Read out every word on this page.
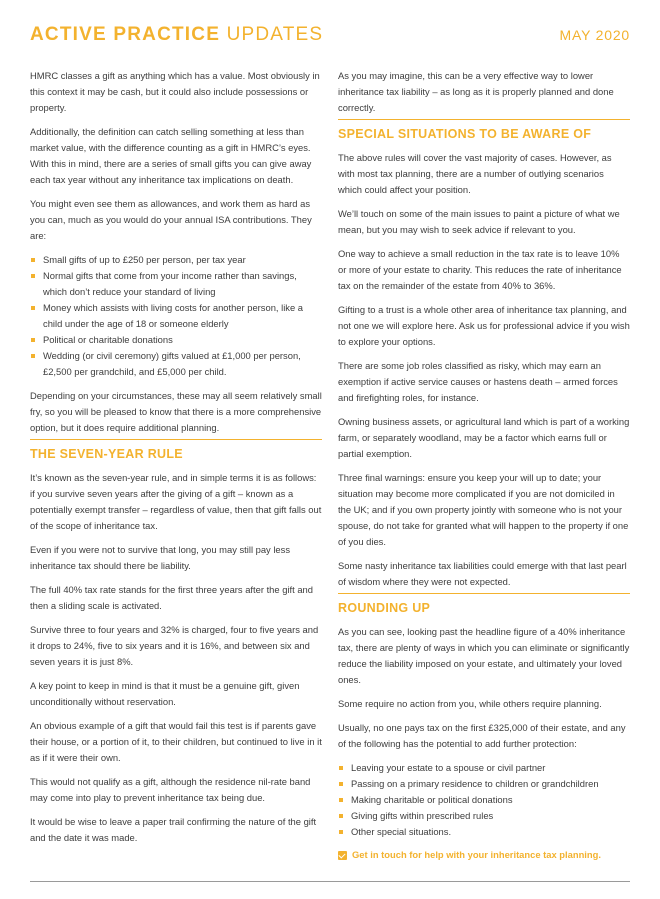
ACTIVE PRACTICE UPDATES	MAY 2020

HMRC classes a gift as anything which has a value. Most obviously in this context it may be cash, but it could also include possessions or property.

Additionally, the definition can catch selling something at less than market value, with the difference counting as a gift in HMRC’s eyes. With this in mind, there are a series of small gifts you can give away each tax year without any inheritance tax implications on death.

You might even see them as allowances, and work them as hard as you can, much as you would do your annual ISA contributions. They are:

Small gifts of up to £250 per person, per tax year
Normal gifts that come from your income rather than savings, which don’t reduce your standard of living
Money which assists with living costs for another person, like a child under the age of 18 or someone elderly
Political or charitable donations
Wedding (or civil ceremony) gifts valued at £1,000 per person, £2,500 per grandchild, and £5,000 per child.

Depending on your circumstances, these may all seem relatively small fry, so you will be pleased to know that there is a more comprehensive option, but it does require additional planning.

THE SEVEN-YEAR RULE

It’s known as the seven-year rule, and in simple terms it is as follows: if you survive seven years after the giving of a gift – known as a potentially exempt transfer – regardless of value, then that gift falls out of the scope of inheritance tax.

Even if you were not to survive that long, you may still pay less inheritance tax should there be liability.

The full 40% tax rate stands for the first three years after the gift and then a sliding scale is activated.

Survive three to four years and 32% is charged, four to five years and it drops to 24%, five to six years and it is 16%, and between six and seven years it is just 8%.

A key point to keep in mind is that it must be a genuine gift, given unconditionally without reservation.

An obvious example of a gift that would fail this test is if parents gave their house, or a portion of it, to their children, but continued to live in it as if it were their own.

This would not qualify as a gift, although the residence nil-rate band may come into play to prevent inheritance tax being due.

It would be wise to leave a paper trail confirming the nature of the gift and the date it was made.

As you may imagine, this can be a very effective way to lower inheritance tax liability – as long as it is properly planned and done correctly.

SPECIAL SITUATIONS TO BE AWARE OF

The above rules will cover the vast majority of cases. However, as with most tax planning, there are a number of outlying scenarios which could affect your position.

We’ll touch on some of the main issues to paint a picture of what we mean, but you may wish to seek advice if relevant to you.

One way to achieve a small reduction in the tax rate is to leave 10% or more of your estate to charity. This reduces the rate of inheritance tax on the remainder of the estate from 40% to 36%.

Gifting to a trust is a whole other area of inheritance tax planning, and not one we will explore here. Ask us for professional advice if you wish to explore your options.

There are some job roles classified as risky, which may earn an exemption if active service causes or hastens death – armed forces and firefighting roles, for instance.

Owning business assets, or agricultural land which is part of a working farm, or separately woodland, may be a factor which earns full or partial exemption.

Three final warnings: ensure you keep your will up to date; your situation may become more complicated if you are not domiciled in the UK; and if you own property jointly with someone who is not your spouse, do not take for granted what will happen to the property if one of you dies.

Some nasty inheritance tax liabilities could emerge with that last pearl of wisdom where they were not expected.

ROUNDING UP

As you can see, looking past the headline figure of a 40% inheritance tax, there are plenty of ways in which you can eliminate or significantly reduce the liability imposed on your estate, and ultimately your loved ones.

Some require no action from you, while others require planning.

Usually, no one pays tax on the first £325,000 of their estate, and any of the following has the potential to add further protection:

Leaving your estate to a spouse or civil partner
Passing on a primary residence to children or grandchildren
Making charitable or political donations
Giving gifts within prescribed rules
Other special situations.
Get in touch for help with your inheritance tax planning.
